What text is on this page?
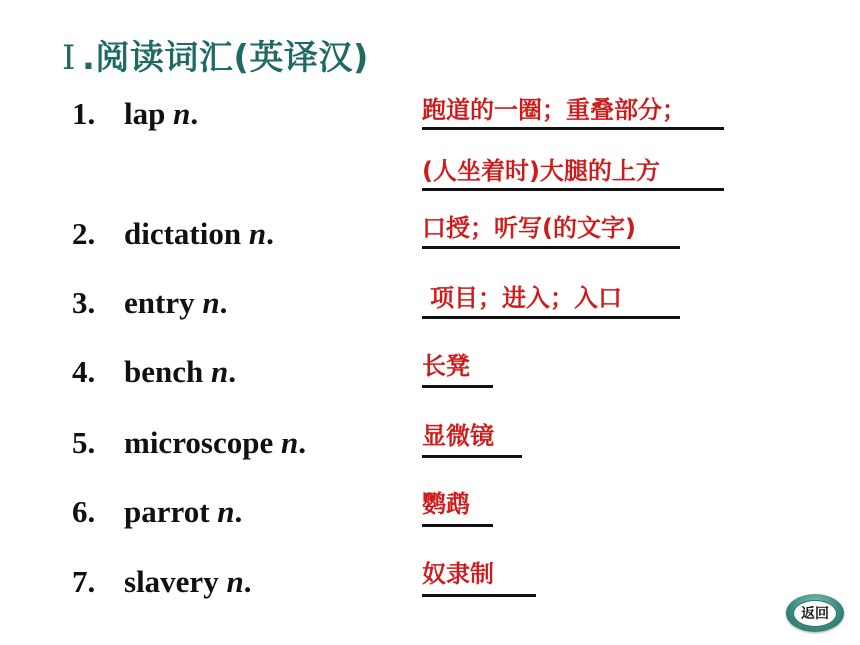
Ⅰ .阅读词汇(英译汉)
1. lap n.	跑道的一圈；重叠部分；
(人坐着时)大腿的上方
2. dictation n.	口授；听写(的文字)
3. entry n.	项目；进入；入口
4. bench n.	长凳
5. microscope n.	显微镜
6. parrot n.	鹦鹉
7. slavery n.	奴隶制
返回
